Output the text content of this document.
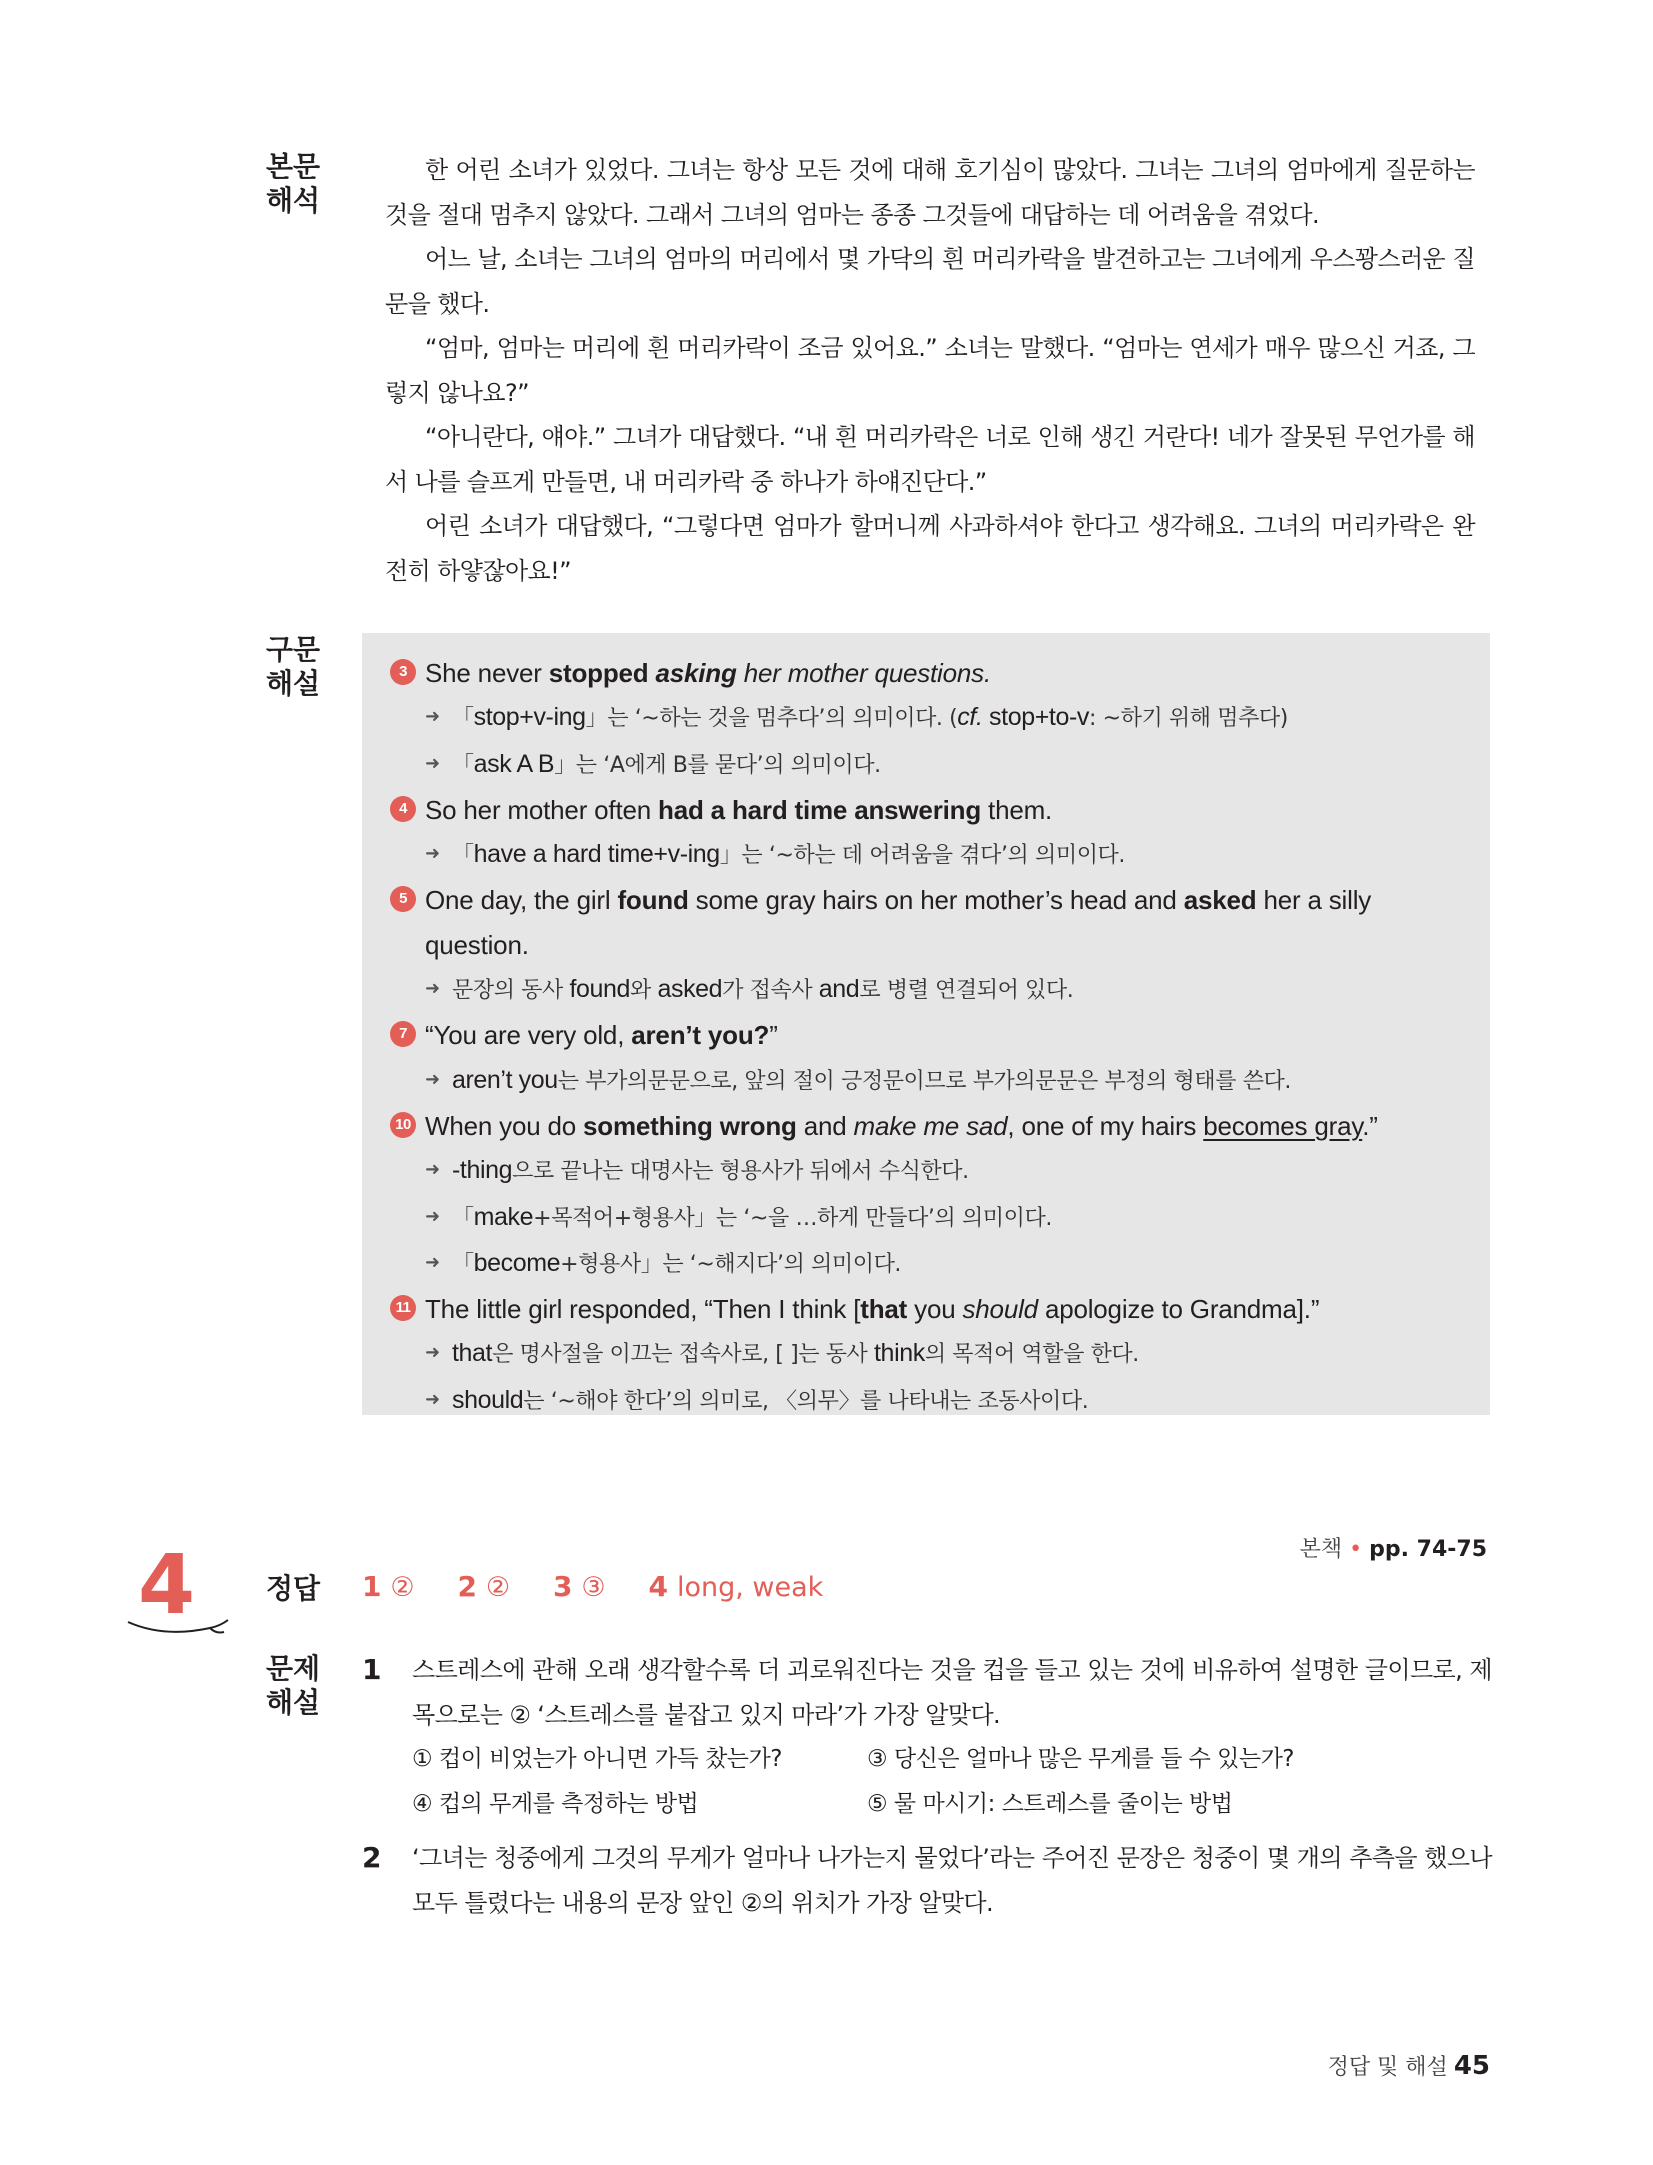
본문
해석

한 어린 소녀가 있었다. 그녀는 항상 모든 것에 대해 호기심이 많았다. 그녀는 그녀의 엄마에게 질문하는 것을 절대 멈추지 않았다. 그래서 그녀의 엄마는 종종 그것들에 대답하는 데 어려움을 겪었다.

어느 날, 소녀는 그녀의 엄마의 머리에서 몇 가닥의 흰 머리카락을 발견하고는 그녀에게 우스꽝스러운 질문을 했다.

“엄마, 엄마는 머리에 흰 머리카락이 조금 있어요.” 소녀는 말했다. “엄마는 연세가 매우 많으신 거죠, 그렇지 않나요?”

“아니란다, 얘야.” 그녀가 대답했다. “내 흰 머리카락은 너로 인해 생긴 거란다! 네가 잘못된 무언가를 해서 나를 슬프게 만들면, 내 머리카락 중 하나가 하얘진단다.”

어린 소녀가 대답했다, “그렇다면 엄마가 할머니께 사과하셔야 한다고 생각해요. 그녀의 머리카락은 완전히 하얗잖아요!”

구문
해설	3 She never stopped asking her mother questions.
➜ 「stop+v-ing」는 ‘~하는 것을 멈추다’의 의미이다. (cf. stop+to-v: ~하기 위해 멈추다)
➜ 「ask A B」는 ‘A에게 B를 묻다’의 의미이다.
4 So her mother often had a hard time answering them.
➜ 「have a hard time+v-ing」는 ‘~하는 데 어려움을 겪다’의 의미이다.
5 One day, the girl found some gray hairs on her mother’s head and asked her a silly question.
➜ 문장의 동사 found와 asked가 접속사 and로 병렬 연결되어 있다.
7 “You are very old, aren’t you?”
➜ aren’t you는 부가의문문으로, 앞의 절이 긍정문이므로 부가의문문은 부정의 형태를 쓴다.
10 When you do something wrong and make me sad, one of my hairs becomes gray.”
➜ -thing으로 끝나는 대명사는 형용사가 뒤에서 수식한다.
➜ 「make+목적어+형용사」는 ‘~을 …하게 만들다’의 의미이다.
➜ 「become+형용사」는 ‘~해지다’의 의미이다.
11 The little girl responded, “Then I think [that you should apologize to Grandma].”
➜ that은 명사절을 이끄는 접속사로, [ ]는 동사 think의 목적어 역할을 한다.
➜ should는 ‘~해야 한다’의 의미로, 〈의무〉를 나타내는 조동사이다.
4	본책 • pp. 74-75
정답	1 ② 2 ② 3 ③ 4 long, weak
문제
해설
1 스트레스에 관해 오래 생각할수록 더 괴로워진다는 것을 컵을 들고 있는 것에 비유하여 설명한 글이므로, 제목으로는 ② ‘스트레스를 붙잡고 있지 마라’가 가장 알맞다.
① 컵이 비었는가 아니면 가득 찼는가?	③ 당신은 얼마나 많은 무게를 들 수 있는가?
④ 컵의 무게를 측정하는 방법	⑤ 물 마시기: 스트레스를 줄이는 방법
2 ‘그녀는 청중에게 그것의 무게가 얼마나 나가는지 물었다’라는 주어진 문장은 청중이 몇 개의 추측을 했으나 모두 틀렸다는 내용의 문장 앞인 ②의 위치가 가장 알맞다.
정답 및 해설 45
